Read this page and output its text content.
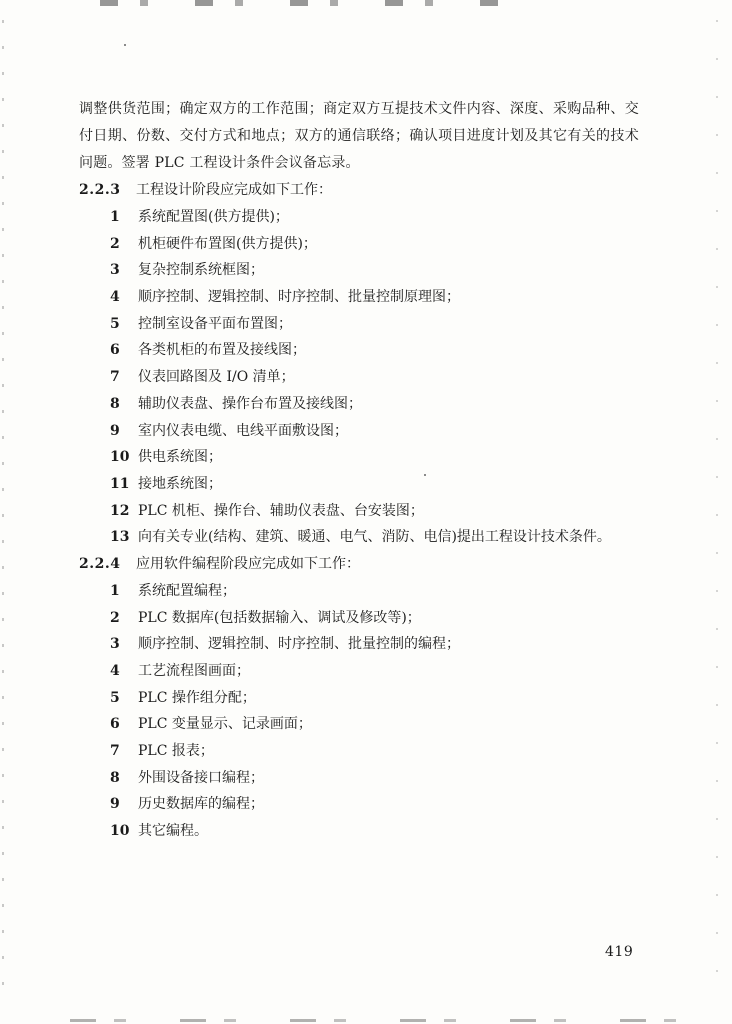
调整供货范围；确定双方的工作范围；商定双方互提技术文件内容、深度、采购品种、交付日期、份数、交付方式和地点；双方的通信联络；确认项目进度计划及其它有关的技术问题。签署 PLC 工程设计条件会议备忘录。

2.2.3	工程设计阶段应完成如下工作：
1	系统配置图(供方提供)；
2	机柜硬件布置图(供方提供)；
3	复杂控制系统框图；
4	顺序控制、逻辑控制、时序控制、批量控制原理图；
5	控制室设备平面布置图；
6	各类机柜的布置及接线图；
7	仪表回路图及 I/O 清单；
8	辅助仪表盘、操作台布置及接线图；
9	室内仪表电缆、电线平面敷设图；
10 供电系统图；
11 接地系统图；
12 PLC 机柜、操作台、辅助仪表盘、台安装图；
13 向有关专业(结构、建筑、暖通、电气、消防、电信)提出工程设计技术条件。
2.2.4	应用软件编程阶段应完成如下工作：
1	系统配置编程；
2	PLC 数据库(包括数据输入、调试及修改等)；
3	顺序控制、逻辑控制、时序控制、批量控制的编程；
4	工艺流程图画面；
5	PLC 操作组分配；
6	PLC 变量显示、记录画面；
7	PLC 报表；
8	外围设备接口编程；
9	历史数据库的编程；
10 其它编程。
419
